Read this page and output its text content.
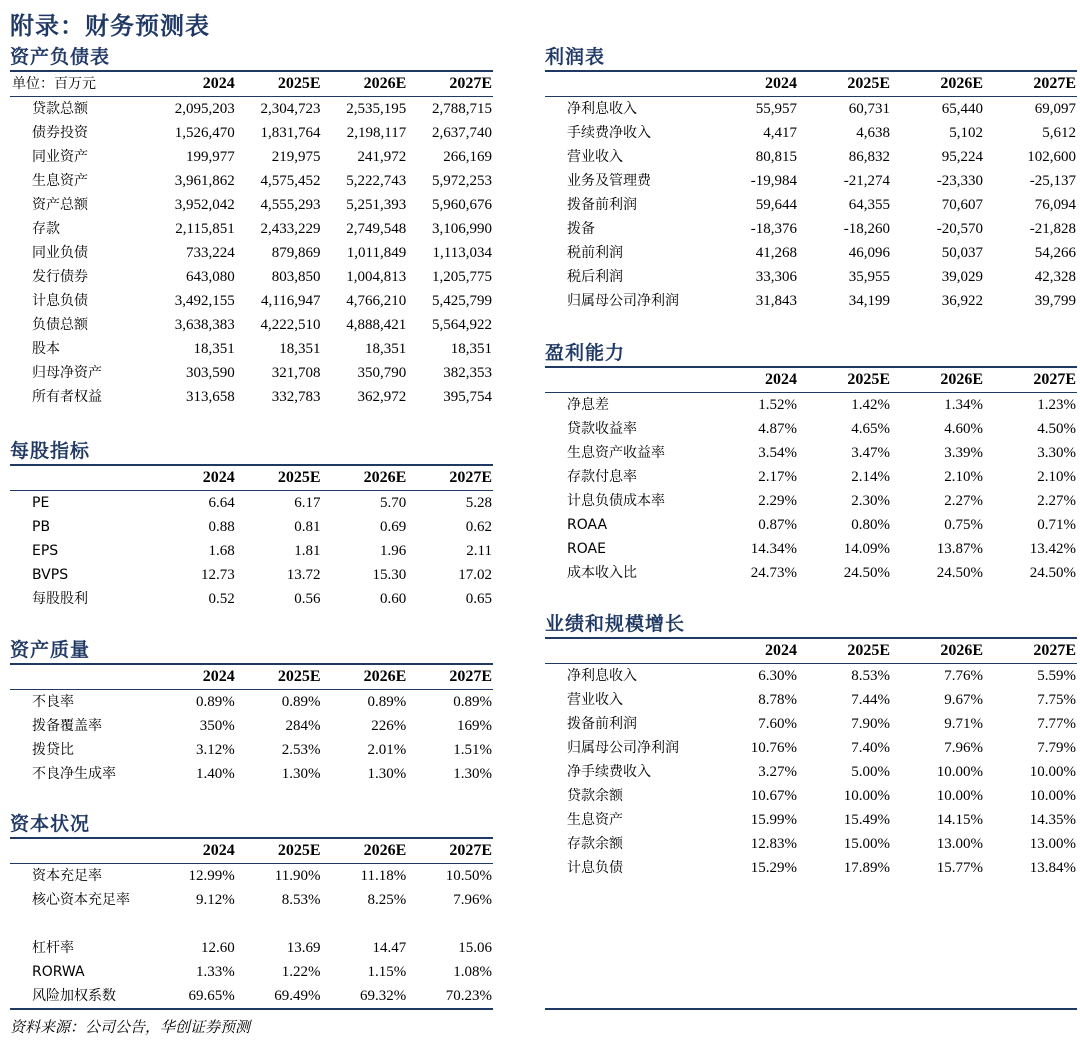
附录：财务预测表
资产负债表
单位：百万元	2024	2025E	2026E	2027E
贷款总额	2,095,203	2,304,723	2,535,195	2,788,715
债券投资	1,526,470	1,831,764	2,198,117	2,637,740
同业资产	199,977	219,975	241,972	266,169
生息资产	3,961,862	4,575,452	5,222,743	5,972,253
资产总额	3,952,042	4,555,293	5,251,393	5,960,676
存款	2,115,851	2,433,229	2,749,548	3,106,990
同业负债	733,224	879,869	1,011,849	1,113,034
发行债券	643,080	803,850	1,004,813	1,205,775
计息负债	3,492,155	4,116,947	4,766,210	5,425,799
负债总额	3,638,383	4,222,510	4,888,421	5,564,922
股本	18,351	18,351	18,351	18,351
归母净资产	303,590	321,708	350,790	382,353
所有者权益	313,658	332,783	362,972	395,754
每股指标
	2024	2025E	2026E	2027E
PE	6.64	6.17	5.70	5.28
PB	0.88	0.81	0.69	0.62
EPS	1.68	1.81	1.96	2.11
BVPS	12.73	13.72	15.30	17.02
每股股利	0.52	0.56	0.60	0.65
资产质量
	2024	2025E	2026E	2027E
不良率	0.89%	0.89%	0.89%	0.89%
拨备覆盖率	350%	284%	226%	169%
拨贷比	3.12%	2.53%	2.01%	1.51%
不良净生成率	1.40%	1.30%	1.30%	1.30%
资本状况
	2024	2025E	2026E	2027E
资本充足率	12.99%	11.90%	11.18%	10.50%
核心资本充足率	9.12%	8.53%	8.25%	7.96%

杠杆率	12.60	13.69	14.47	15.06
RORWA	1.33%	1.22%	1.15%	1.08%
风险加权系数	69.65%	69.49%	69.32%	70.23%
利润表
	2024	2025E	2026E	2027E
净利息收入	55,957	60,731	65,440	69,097
手续费净收入	4,417	4,638	5,102	5,612
营业收入	80,815	86,832	95,224	102,600
业务及管理费	-19,984	-21,274	-23,330	-25,137
拨备前利润	59,644	64,355	70,607	76,094
拨备	-18,376	-18,260	-20,570	-21,828
税前利润	41,268	46,096	50,037	54,266
税后利润	33,306	35,955	39,029	42,328
归属母公司净利润	31,843	34,199	36,922	39,799
盈利能力
	2024	2025E	2026E	2027E
净息差	1.52%	1.42%	1.34%	1.23%
贷款收益率	4.87%	4.65%	4.60%	4.50%
生息资产收益率	3.54%	3.47%	3.39%	3.30%
存款付息率	2.17%	2.14%	2.10%	2.10%
计息负债成本率	2.29%	2.30%	2.27%	2.27%
ROAA	0.87%	0.80%	0.75%	0.71%
ROAE	14.34%	14.09%	13.87%	13.42%
成本收入比	24.73%	24.50%	24.50%	24.50%
业绩和规模增长
	2024	2025E	2026E	2027E
净利息收入	6.30%	8.53%	7.76%	5.59%
营业收入	8.78%	7.44%	9.67%	7.75%
拨备前利润	7.60%	7.90%	9.71%	7.77%
归属母公司净利润	10.76%	7.40%	7.96%	7.79%
净手续费收入	3.27%	5.00%	10.00%	10.00%
贷款余额	10.67%	10.00%	10.00%	10.00%
生息资产	15.99%	15.49%	14.15%	14.35%
存款余额	12.83%	15.00%	13.00%	13.00%
计息负债	15.29%	17.89%	15.77%	13.84%
资料来源：公司公告，华创证券预测
